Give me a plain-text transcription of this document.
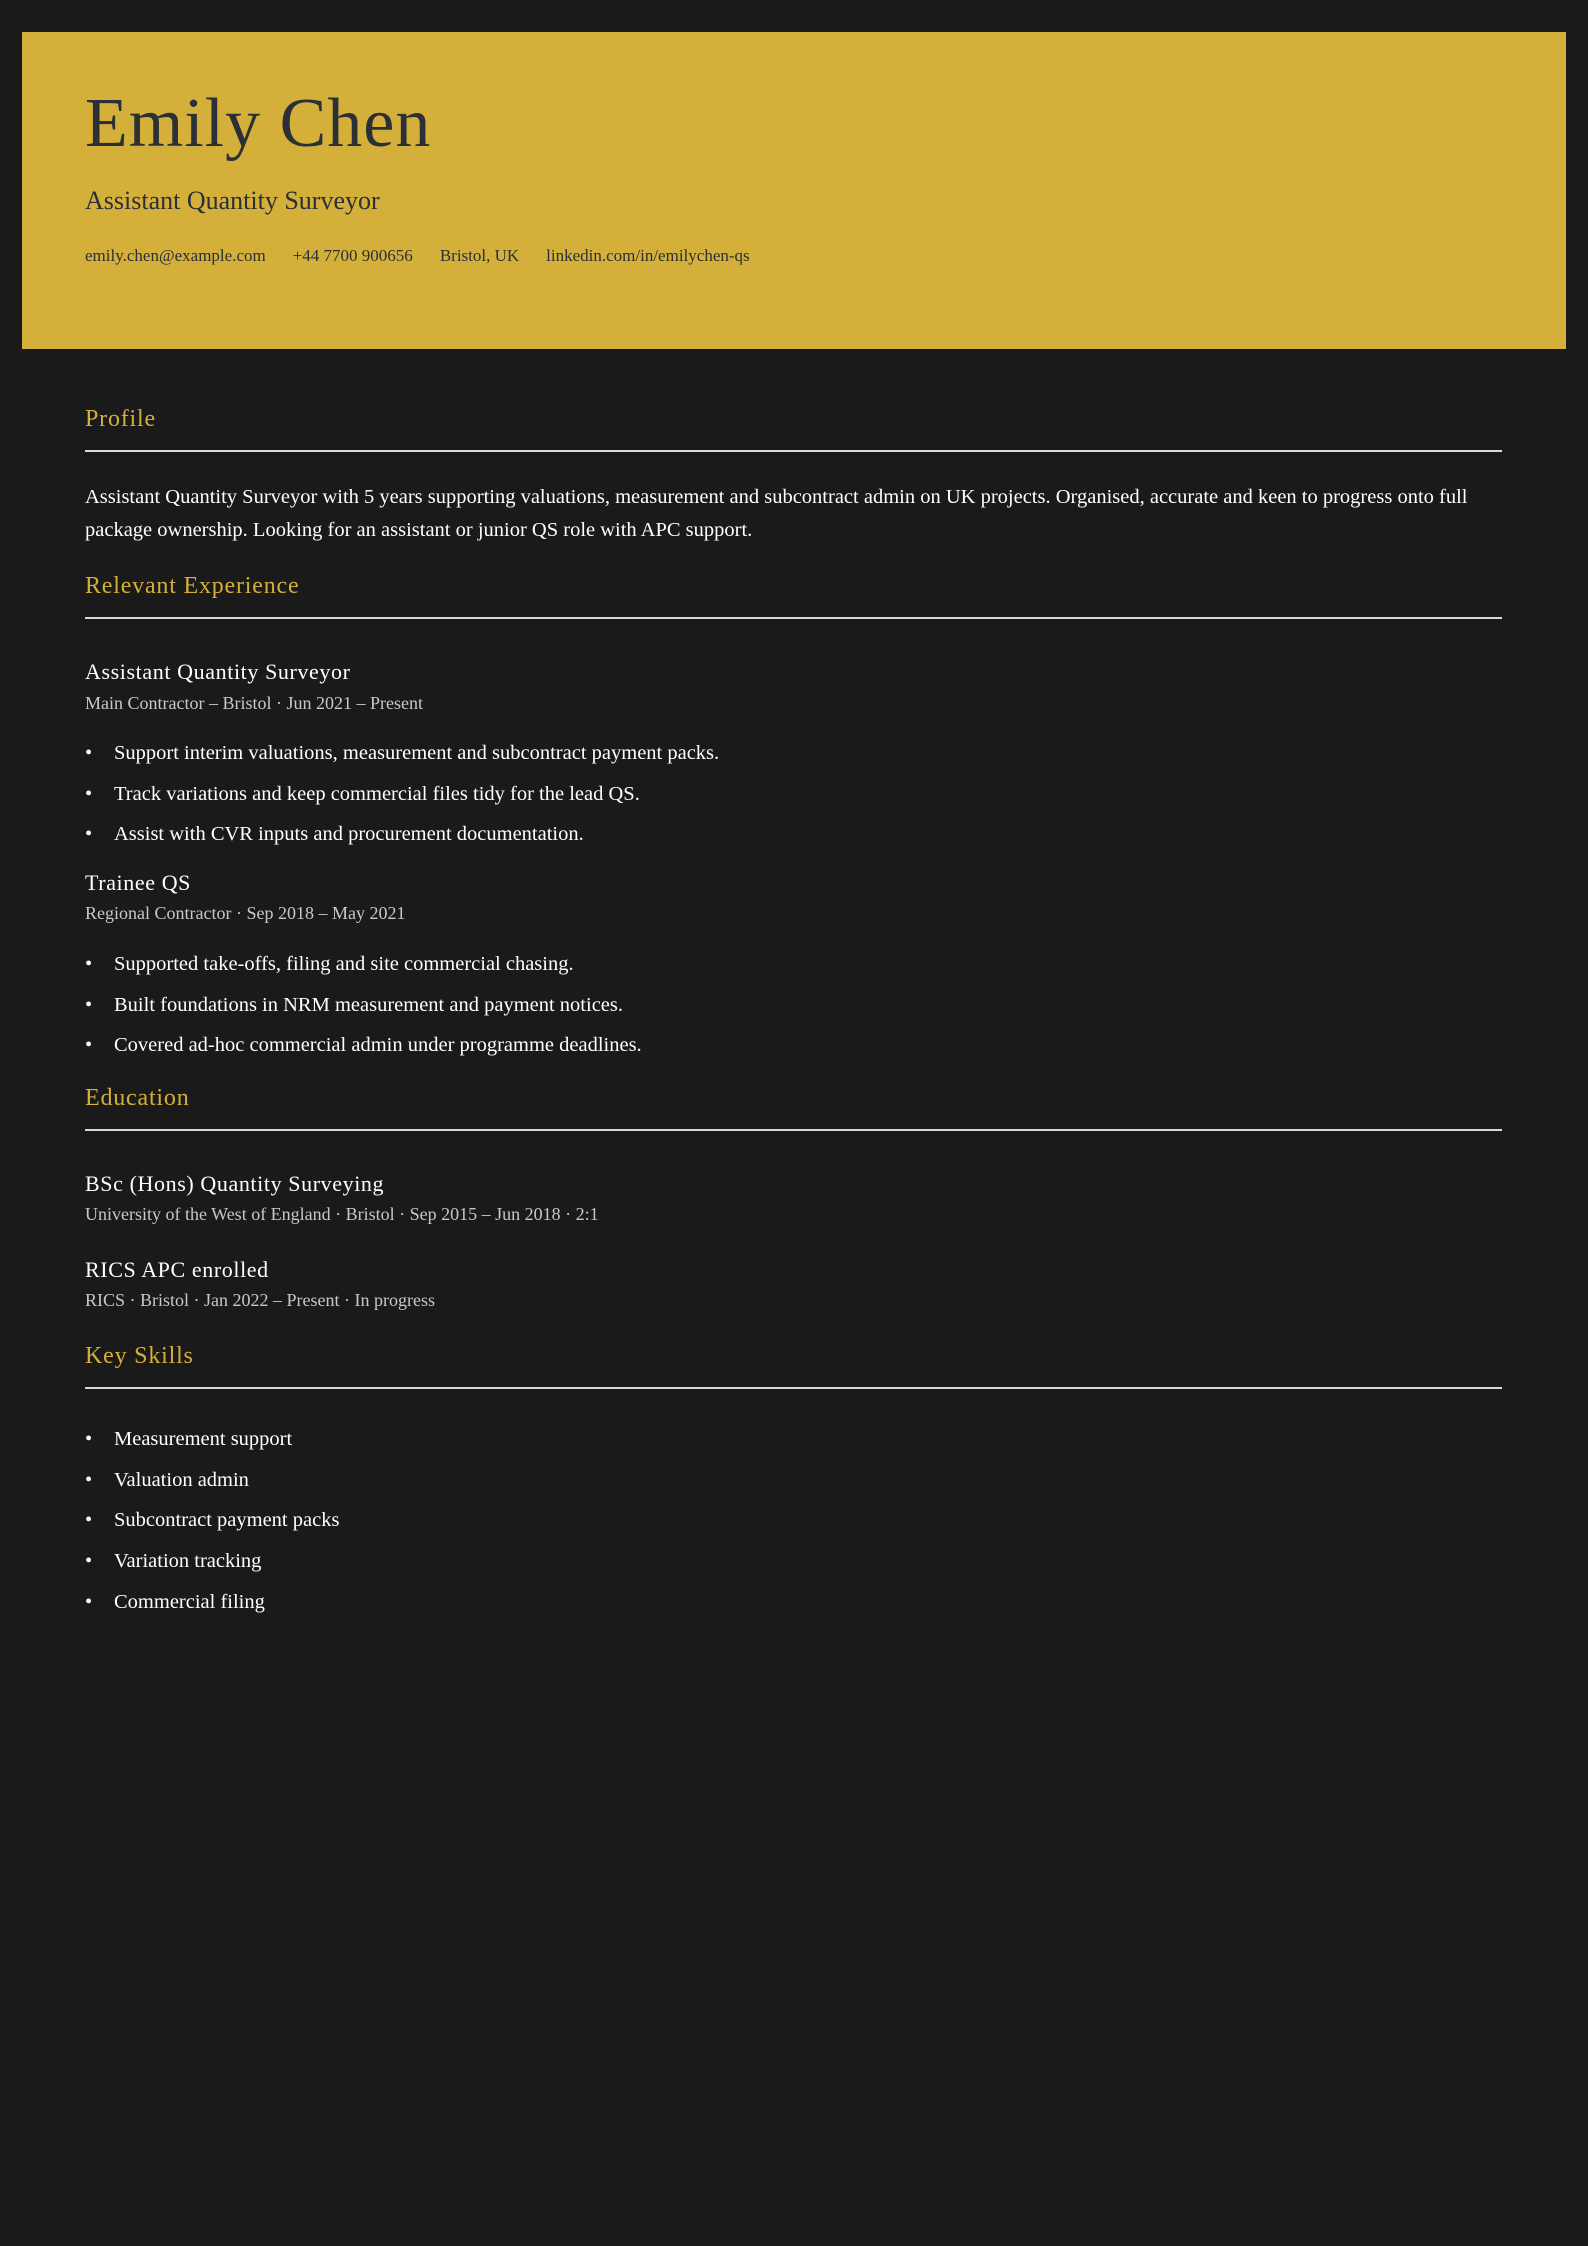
Emily Chen
Assistant Quantity Surveyor
emily.chen@example.com +44 7700 900656 Bristol, UK linkedin.com/in/emilychen-qs
Profile

Assistant Quantity Surveyor with 5 years supporting valuations, measurement and subcontract admin on UK projects. Organised, accurate and keen to progress onto full package ownership. Looking for an assistant or junior QS role with APC support.

Relevant Experience
Assistant Quantity Surveyor
Main Contractor – Bristol · Jun 2021 – Present
• Support interim valuations, measurement and subcontract payment packs.
• Track variations and keep commercial files tidy for the lead QS.
• Assist with CVR inputs and procurement documentation.
Trainee QS
Regional Contractor · Sep 2018 – May 2021
• Supported take-offs, filing and site commercial chasing.
• Built foundations in NRM measurement and payment notices.
• Covered ad-hoc commercial admin under programme deadlines.
Education
BSc (Hons) Quantity Surveying
University of the West of England · Bristol · Sep 2015 – Jun 2018 · 2:1
RICS APC enrolled
RICS · Bristol · Jan 2022 – Present · In progress
Key Skills
• Measurement support
• Valuation admin
• Subcontract payment packs
• Variation tracking
• Commercial filing
